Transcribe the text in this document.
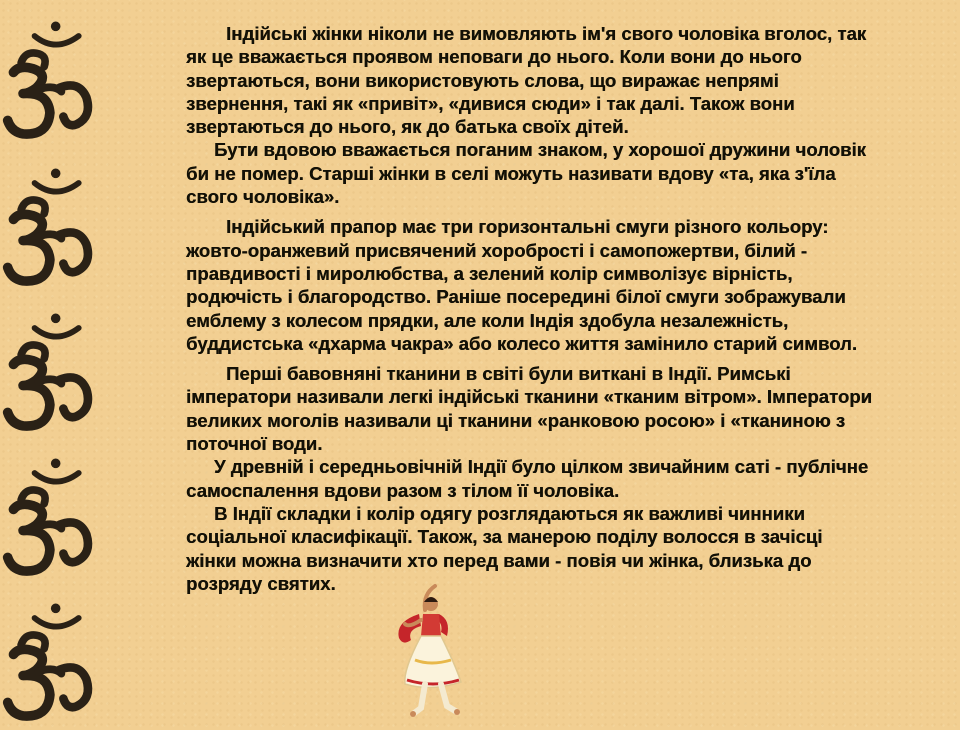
Індійські жінки ніколи не вимовляють ім'я свого чоловіка вголос, так як це вважається проявом неповаги до нього. Коли вони до нього звертаються, вони використовують слова, що виражає непрямі звернення, такі як «привіт», «дивися сюди» і так далі. Також вони звертаються до нього, як до батька своїх дітей.

Бути вдовою вважається поганим знаком, у хорошої дружини чоловік би не помер. Старші жінки в селі можуть називати вдову «та, яка з'їла свого чоловіка».

Індійський прапор має три горизонтальні смуги різного кольору: жовто-оранжевий присвячений хоробрості і самопожертви, білий - правдивості і миролюбства, а зелений колір символізує вірність, родючість і благородство. Раніше посередині білої смуги зображували емблему з колесом прядки, але коли Індія здобула незалежність, буддистська «дхарма чакра» або колесо життя замінило старий символ.

Перші бавовняні тканини в світі були виткані в Індії. Римські імператори називали легкі індійські тканини «тканим вітром». Імператори великих моголів називали ці тканини «ранковою росою» і «тканиною з поточної води.

У древній і середньовічній Індії було цілком звичайним саті - публічне самоспалення вдови разом з тілом її чоловіка.

В Індії складки і колір одягу розглядаються як важливі чинники соціальної класифікації. Також, за манерою поділу волосся в зачісці жінки можна визначити хто перед вами - повія чи жінка, близька до розряду святих.
